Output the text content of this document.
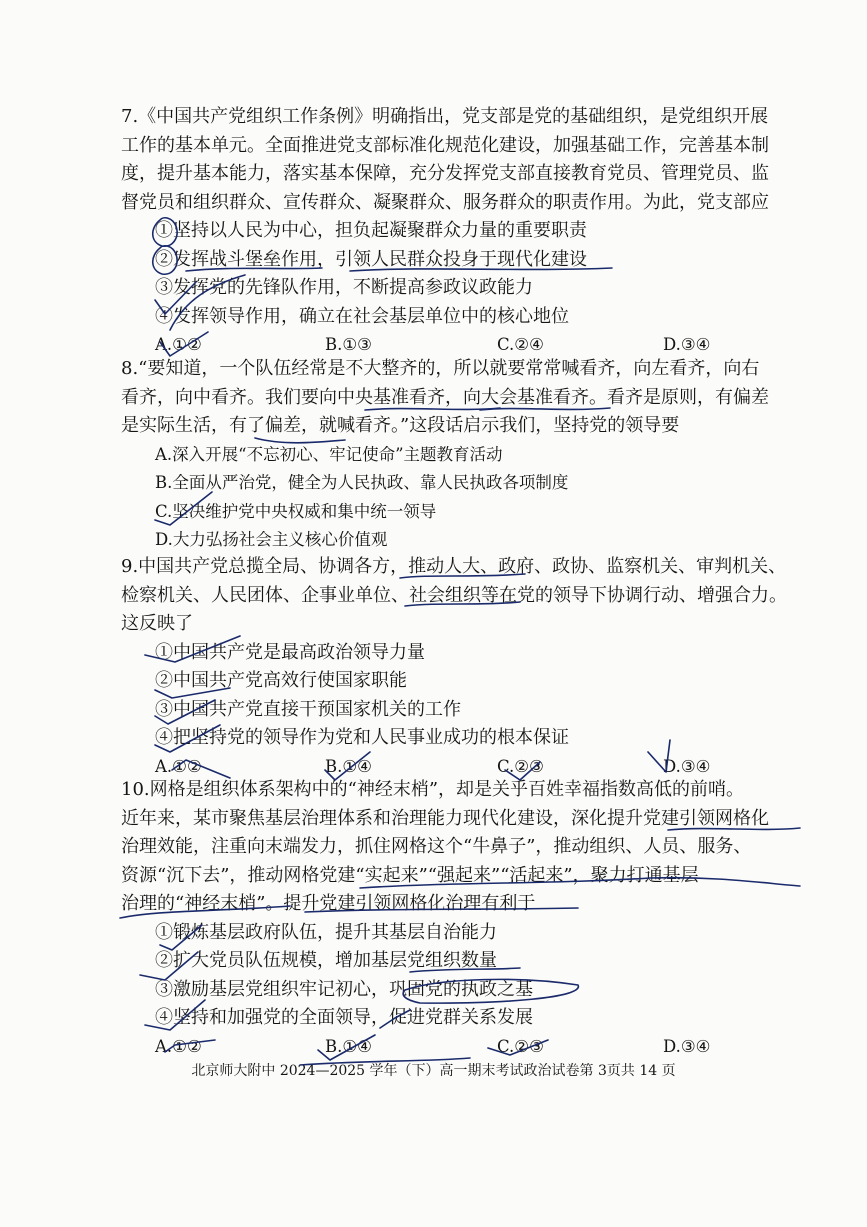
7.《中国共产党组织工作条例》明确指出，党支部是党的基础组织，是党组织开展
工作的基本单元。全面推进党支部标准化规范化建设，加强基础工作，完善基本制
度，提升基本能力，落实基本保障，充分发挥党支部直接教育党员、管理党员、监
督党员和组织群众、宣传群众、凝聚群众、服务群众的职责作用。为此，党支部应
①坚持以人民为中心，担负起凝聚群众力量的重要职责
②发挥战斗堡垒作用，引领人民群众投身于现代化建设
③发挥党的先锋队作用，不断提高参政议政能力
④发挥领导作用，确立在社会基层单位中的核心地位
A.①②	B.①③	C.②④	D.③④
8.“要知道，一个队伍经常是不大整齐的，所以就要常常喊看齐，向左看齐，向右
看齐，向中看齐。我们要向中央基准看齐，向大会基准看齐。看齐是原则，有偏差
是实际生活，有了偏差，就喊看齐。”这段话启示我们，坚持党的领导要
A.深入开展“不忘初心、牢记使命”主题教育活动
B.全面从严治党，健全为人民执政、靠人民执政各项制度
C.坚决维护党中央权威和集中统一领导
D.大力弘扬社会主义核心价值观
9.中国共产党总揽全局、协调各方，推动人大、政府、政协、监察机关、审判机关、
检察机关、人民团体、企事业单位、社会组织等在党的领导下协调行动、增强合力。
这反映了
①中国共产党是最高政治领导力量
②中国共产党高效行使国家职能
③中国共产党直接干预国家机关的工作
④把坚持党的领导作为党和人民事业成功的根本保证
A.①②	B.①④	C.②③	D.③④
10.网格是组织体系架构中的“神经末梢”，却是关乎百姓幸福指数高低的前哨。
近年来，某市聚焦基层治理体系和治理能力现代化建设，深化提升党建引领网格化
治理效能，注重向末端发力，抓住网格这个“牛鼻子”，推动组织、人员、服务、
资源“沉下去”，推动网格党建“实起来”“强起来”“活起来”，聚力打通基层
治理的“神经末梢”。提升党建引领网格化治理有利于
①锻炼基层政府队伍，提升其基层自治能力
②扩大党员队伍规模，增加基层党组织数量
③激励基层党组织牢记初心，巩固党的执政之基
④坚持和加强党的全面领导，促进党群关系发展
A.①②	B.①④	C.②③	D.③④
北京师大附中 2024—2025 学年（下）高一期末考试政治试卷第 3页共 14 页
